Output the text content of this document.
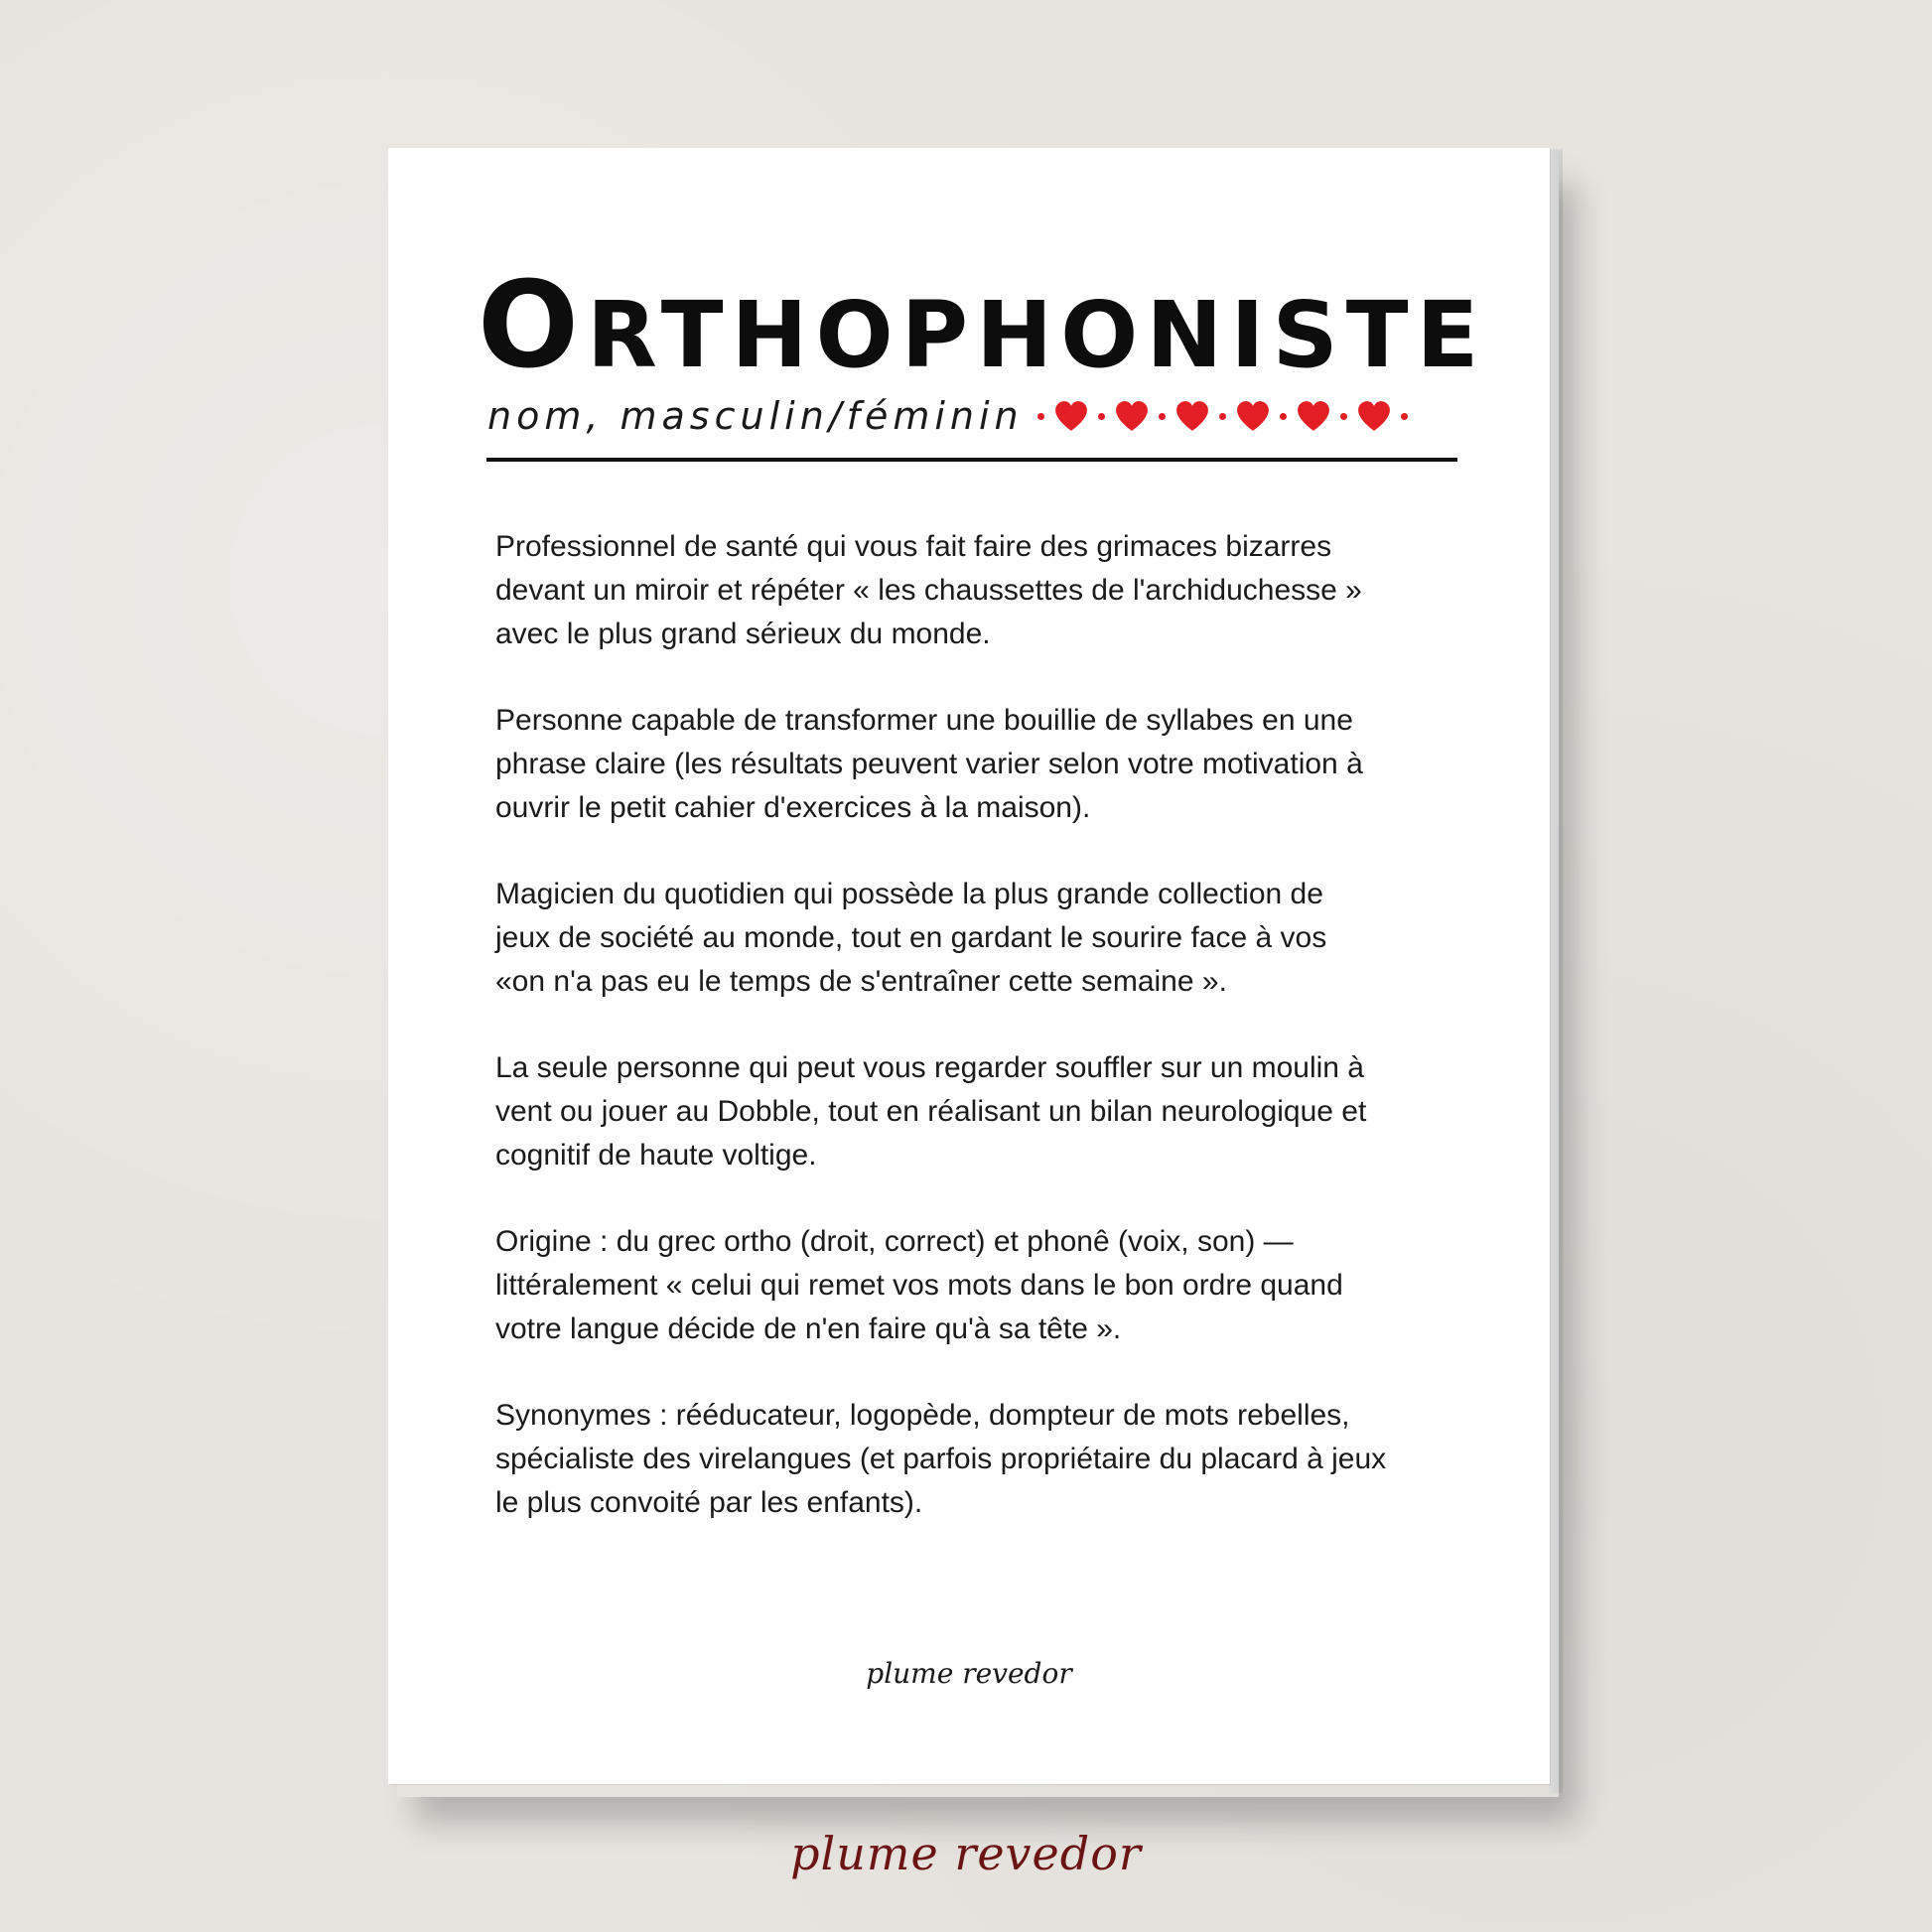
ORTHOPHONISTE
nom, masculin/féminin

Professionnel de santé qui vous fait faire des grimaces bizarres
devant un miroir et répéter « les chaussettes de l'archiduchesse »
avec le plus grand sérieux du monde.

Personne capable de transformer une bouillie de syllabes en une
phrase claire (les résultats peuvent varier selon votre motivation à
ouvrir le petit cahier d'exercices à la maison).

Magicien du quotidien qui possède la plus grande collection de
jeux de société au monde, tout en gardant le sourire face à vos
«on n'a pas eu le temps de s'entraîner cette semaine ».

La seule personne qui peut vous regarder souffler sur un moulin à
vent ou jouer au Dobble, tout en réalisant un bilan neurologique et
cognitif de haute voltige.

Origine : du grec ortho (droit, correct) et phonê (voix, son) —
littéralement « celui qui remet vos mots dans le bon ordre quand
votre langue décide de n'en faire qu'à sa tête ».

Synonymes : rééducateur, logopède, dompteur de mots rebelles,
spécialiste des virelangues (et parfois propriétaire du placard à jeux
le plus convoité par les enfants).

plume revedor
plume revedor
